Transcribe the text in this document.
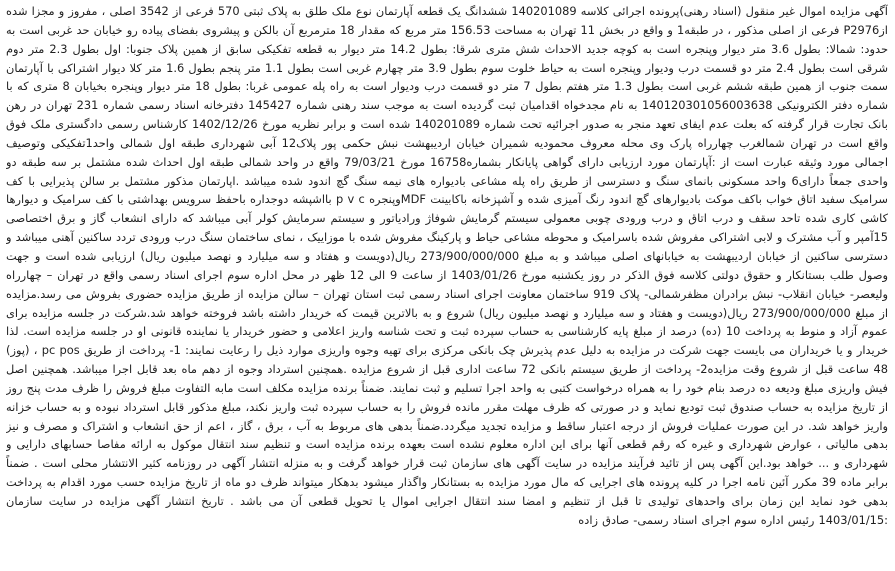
آگهی مزایده اموال غیر منقول (اسناد رهنی)پرونده اجرائی کلاسه 140201089 ششدانگ یک قطعه آپارتمان نوع ملک طلق به پلاک ثبتی 570 فرعی از 3542 اصلی ، مفروز و مجزا شده ازP2976 فرعی از اصلی مذکور ، در طبقه1 و واقع در بخش 11 تهران به مساحت 156.53 متر مربع که مقدار 18 مترمربع آن بالکن و پیشروی بفضای پیاده رو خیابان حد غربی است به حدود: شمالا: بطول 3.6 متر دیوار وپنجره است به کوچه جدید الاحداث شش متری شرقا: بطول 14.2 متر دیوار به قطعه تفکیکی سابق از همین پلاک جنوبا: اول بطول 2.3 متر دوم شرقی است بطول 2.4 متر دو قسمت درب ودیوار وپنجره است به حیاط خلوت سوم بطول 3.9 متر چهارم غربی است بطول 1.1 متر پنجم بطول 1.6 متر کلا دیوار اشتراکی با آپارتمان سمت جنوب از همین طبقه ششم غربی است بطول 1.3 متر هفتم بطول 7 متر دو قسمت درب ودیوار است به راه پله عمومی غربا: بطول 18 متر دیوار وپنجره بخیابان 8 متری که با شماره دفتر الکترونیکی 140120301056003638 به نام مجدخواه اقدامیان ثبت گردیده است به موجب سند رهنی شماره 145427 دفترخانه اسناد رسمی شماره 231 تهران در رهن بانک تجارت قرار گرفته که بعلت عدم ایفای تعهد منجر به صدور اجرائیه تحت شماره 140201089 شده است و برابر نظریه مورخ 1402/12/26 کارشناس رسمی دادگستری ملک فوق واقع است در تهران شمالغرب چهارراه پارک وی محله معروف محمودیه شمیران خیابان اردیبهشت نبش حکمی پور پلاک12 آبی شهرداری طبقه اول شمالی واحد1تفکیکی وتوصیف اجمالی مورد وثیقه عبارت است از :آپارتمان مورد ارزیابی دارای گواهی پایانکار بشماره16758 مورخ 79/03/21 واقع در واحد شمالی طبقه اول احداث شده مشتمل بر سه طبقه دو واحدی جمعاً دارای6 واحد مسکونی بانمای سنگ و دسترسی از طریق راه پله مشاعی بادیواره های نیمه سنگ گچ اندود شده میباشد .اپارتمان مذکور مشتمل بر سالن پذیرایی با کف سرامیک سفید اتاق خواب باکف موکت بادیوارهای گچ اندود رنگ آمیزی شده و آشپزخانه باکابینت MDFوپنجره p v c بااشپشه دوجداره باحفظ سرویس بهداشتی با کف سرامیک و دیوارها کاشی کاری شده تاحد سقف و درب اتاق و درب ورودی چوبی معمولی سیستم گرمایش شوفاژ ورادیاتور و سیستم سرمایش کولر آبی میباشد که دارای انشعاب گاز و برق اختصاصی 15آمپر و آب مشترک و لابی اشتراکی مفروش شده باسرامیک و محوطه مشاعی حیاط و پارکینگ مفروش شده با موزاییک ، نمای ساختمان سنگ درب ورودی تردد ساکنین آهنی میباشد و دسترسی ساکنین از خیابان اردیبهشت به خیابانهای اصلی میباشد و به مبلغ 273/900/000/000 ریال(دویست و هفتاد و سه میلیارد و نهصد میلیون ریال) ارزیابی شده است و جهت وصول طلب بستانکار و حقوق دولتی کلاسه فوق الذکر در روز یکشنبه مورخ 1403/01/26 از ساعت 9 الی 12 ظهر در محل اداره سوم اجرای اسناد رسمی واقع در تهران – چهارراه ولیعصر- خیابان انقلاب- نبش برادران مظفرشمالی- پلاک 919 ساختمان معاونت اجرای اسناد رسمی ثبت استان تهران – سالن مزایده از طریق مزایده حضوری بفروش می رسد.مزایده از مبلغ 273/900/000/000 ریال(دویست و هفتاد و سه میلیارد و نهصد میلیون ریال) شروع و به بالاترین قیمت که خریدار داشته باشد فروخته خواهد شد.شرکت در جلسه مزایده برای عموم آزاد و منوط به پرداخت 10 (ده) درصد از مبلغ پایه کارشناسی به حساب سپرده ثبت و تحت شناسه واریز اعلامی و حضور خریدار یا نماینده قانونی او در جلسه مزایده است. لذا خریدار و یا خریداران می بایست جهت شرکت در مزایده به دلیل عدم پذیرش چک بانکی مرکزی برای تهیه وجوه واریزی موارد ذیل را رعایت نمایند: 1- پرداخت از طریق pc pos ، (پوز) 48 ساعت قبل از شروع وقت مزایده2- پرداخت از طریق سیستم بانکی 72 ساعت اداری قبل از شروع مزایده .همچنین استرداد وجوه از دهم ماه بعد قابل اجرا میباشد. همچنین اصل فیش واریزی مبلغ ودیعه ده درصد بنام خود را به همراه درخواست کتبی به واحد اجرا تسلیم و ثبت نمایند. ضمناً برنده مزایده مکلف است مابه التفاوت مبلغ فروش را ظرف مدت پنج روز از تاریخ مزایده به حساب صندوق ثبت تودیع نماید و در صورتی که ظرف مهلت مقرر مانده فروش را به حساب سپرده ثبت واریز نکند، مبلغ مذکور قابل استرداد نبوده و به حساب خزانه واریز خواهد شد. در این صورت عملیات فروش از درجه اعتبار ساقط و مزایده تجدید میگردد.ضمناً بدهی های مربوط به آب ، برق ، گاز ، اعم از حق انشعاب و اشتراک و مصرف و نیز بدهی مالیاتی ، عوارض شهرداری و غیره که رقم قطعی آنها برای این اداره معلوم نشده است بعهده برنده مزایده است و تنظیم سند انتقال موکول به ارائه مفاصا حسابهای دارایی و شهرداری و ... خواهد بود.این آگهی پس از تائید فرآیند مزایده در سایت آگهی های سازمان ثبت قرار خواهد گرفت و به منزله انتشار آگهی در روزنامه کثیر الانتشار محلی است . ضمناً برابر ماده 39 مکرر آئین نامه اجرا در کلیه پرونده های اجرایی که مال مورد مزایده به بستانکار واگذار میشود بدهکار میتواند ظرف دو ماه از تاریخ مزایده حسب مورد اقدام به پرداخت بدهی خود نماید این زمان برای واحدهای تولیدی تا قبل از تنظیم و امضا سند انتقال اجرایی اموال یا تحویل قطعی آن می باشد . تاریخ انتشار آگهی مزایده در سایت سازمان :1403/01/15 رئیس اداره سوم اجرای اسناد رسمی- صادق زاده
